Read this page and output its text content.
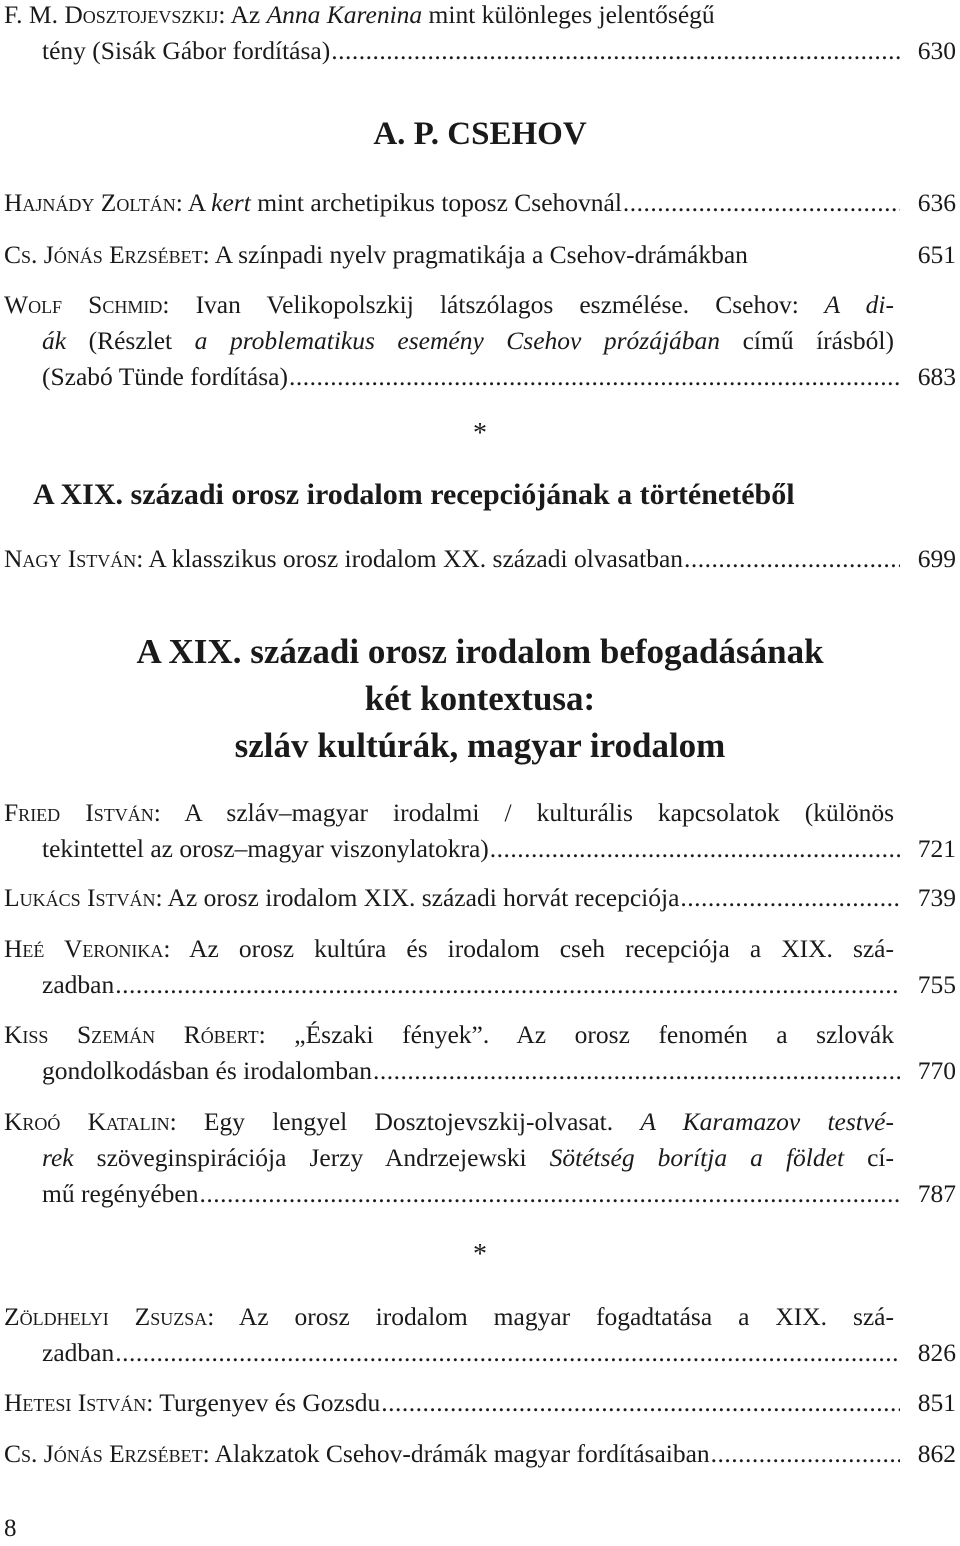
F. M. Dosztojevszkij: Az Anna Karenina mint különleges jelentőségű
tény (Sisák Gábor fordítása) .....	630
A. P. CSEHOV
Hajnády Zoltán: A kert mint archetipikus toposz Csehovnál .....	636
Cs. Jónás Erzsébet: A színpadi nyelv pragmatikája a Csehov-drámákban	651
Wolf Schmid: Ivan Velikopolszkij látszólagos eszmélése. Csehov: A di-
ák (Részlet a problematikus esemény Csehov prózájában című írásból)
(Szabó Tünde fordítása) .....	683
*
A XIX. századi orosz irodalom recepciójának a történetéből
Nagy István: A klasszikus orosz irodalom XX. századi olvasatban .....	699
A XIX. századi orosz irodalom befogadásának
két kontextusa:
szláv kultúrák, magyar irodalom
Fried István: A szláv–magyar irodalmi / kulturális kapcsolatok (különös
tekintettel az orosz–magyar viszonylatokra) .....	721
Lukács István: Az orosz irodalom XIX. századi horvát recepciója .....	739
Heé Veronika: Az orosz kultúra és irodalom cseh recepciója a XIX. szá-
zadban .....	755
Kiss Szemán Róbert: „Északi fények”. Az orosz fenomén a szlovák
gondolkodásban és irodalomban .....	770
Kroó Katalin: Egy lengyel Dosztojevszkij-olvasat. A Karamazov testvé-
rek szöveginspirációja Jerzy Andrzejewski Sötétség borítja a földet cí-
mű regényében .....	787
*
Zöldhelyi Zsuzsa: Az orosz irodalom magyar fogadtatása a XIX. szá-
zadban .....	826
Hetesi István: Turgenyev és Gozsdu .....	851
Cs. Jónás Erzsébet: Alakzatok Csehov-drámák magyar fordításaiban .....	862
8
